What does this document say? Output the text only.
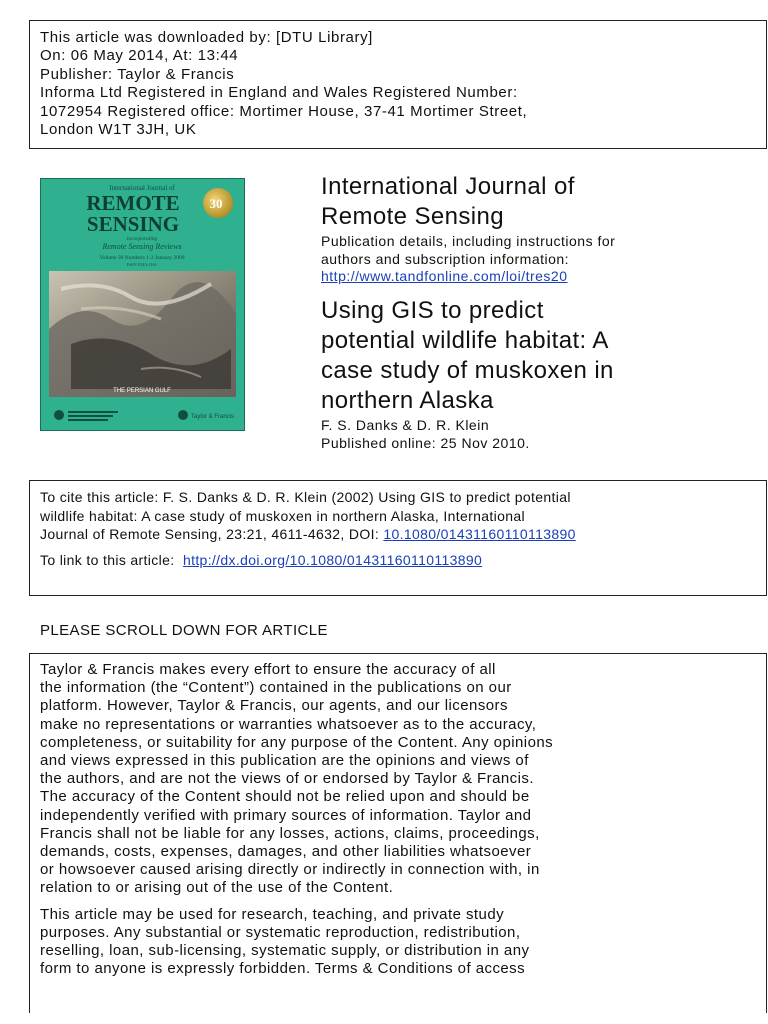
This article was downloaded by: [DTU Library]
On: 06 May 2014, At: 13:44
Publisher: Taylor & Francis
Informa Ltd Registered in England and Wales Registered Number:
1072954 Registered office: Mortimer House, 37-41 Mortimer Street,
London W1T 3JH, UK
International Journal of
REMOTE
SENSING
30
incorporating
Remote Sensing Reviews
Volume 30 Numbers 1-2 January 2009
ISSN 0143-1161
THE PERSIAN GULF
Taylor & Francis
International Journal of
Remote Sensing
Publication details, including instructions for
authors and subscription information:
http://www.tandfonline.com/loi/tres20
Using GIS to predict
potential wildlife habitat: A
case study of muskoxen in
northern Alaska
F. S. Danks & D. R. Klein
Published online: 25 Nov 2010.
To cite this article: F. S. Danks & D. R. Klein (2002) Using GIS to predict potential
wildlife habitat: A case study of muskoxen in northern Alaska, International
Journal of Remote Sensing, 23:21, 4611-4632, DOI: 10.1080/01431160110113890
To link to this article: http://dx.doi.org/10.1080/01431160110113890
PLEASE SCROLL DOWN FOR ARTICLE
Taylor & Francis makes every effort to ensure the accuracy of all
the information (the “Content”) contained in the publications on our
platform. However, Taylor & Francis, our agents, and our licensors
make no representations or warranties whatsoever as to the accuracy,
completeness, or suitability for any purpose of the Content. Any opinions
and views expressed in this publication are the opinions and views of
the authors, and are not the views of or endorsed by Taylor & Francis.
The accuracy of the Content should not be relied upon and should be
independently verified with primary sources of information. Taylor and
Francis shall not be liable for any losses, actions, claims, proceedings,
demands, costs, expenses, damages, and other liabilities whatsoever
or howsoever caused arising directly or indirectly in connection with, in
relation to or arising out of the use of the Content.
This article may be used for research, teaching, and private study
purposes. Any substantial or systematic reproduction, redistribution,
reselling, loan, sub-licensing, systematic supply, or distribution in any
form to anyone is expressly forbidden. Terms & Conditions of access
